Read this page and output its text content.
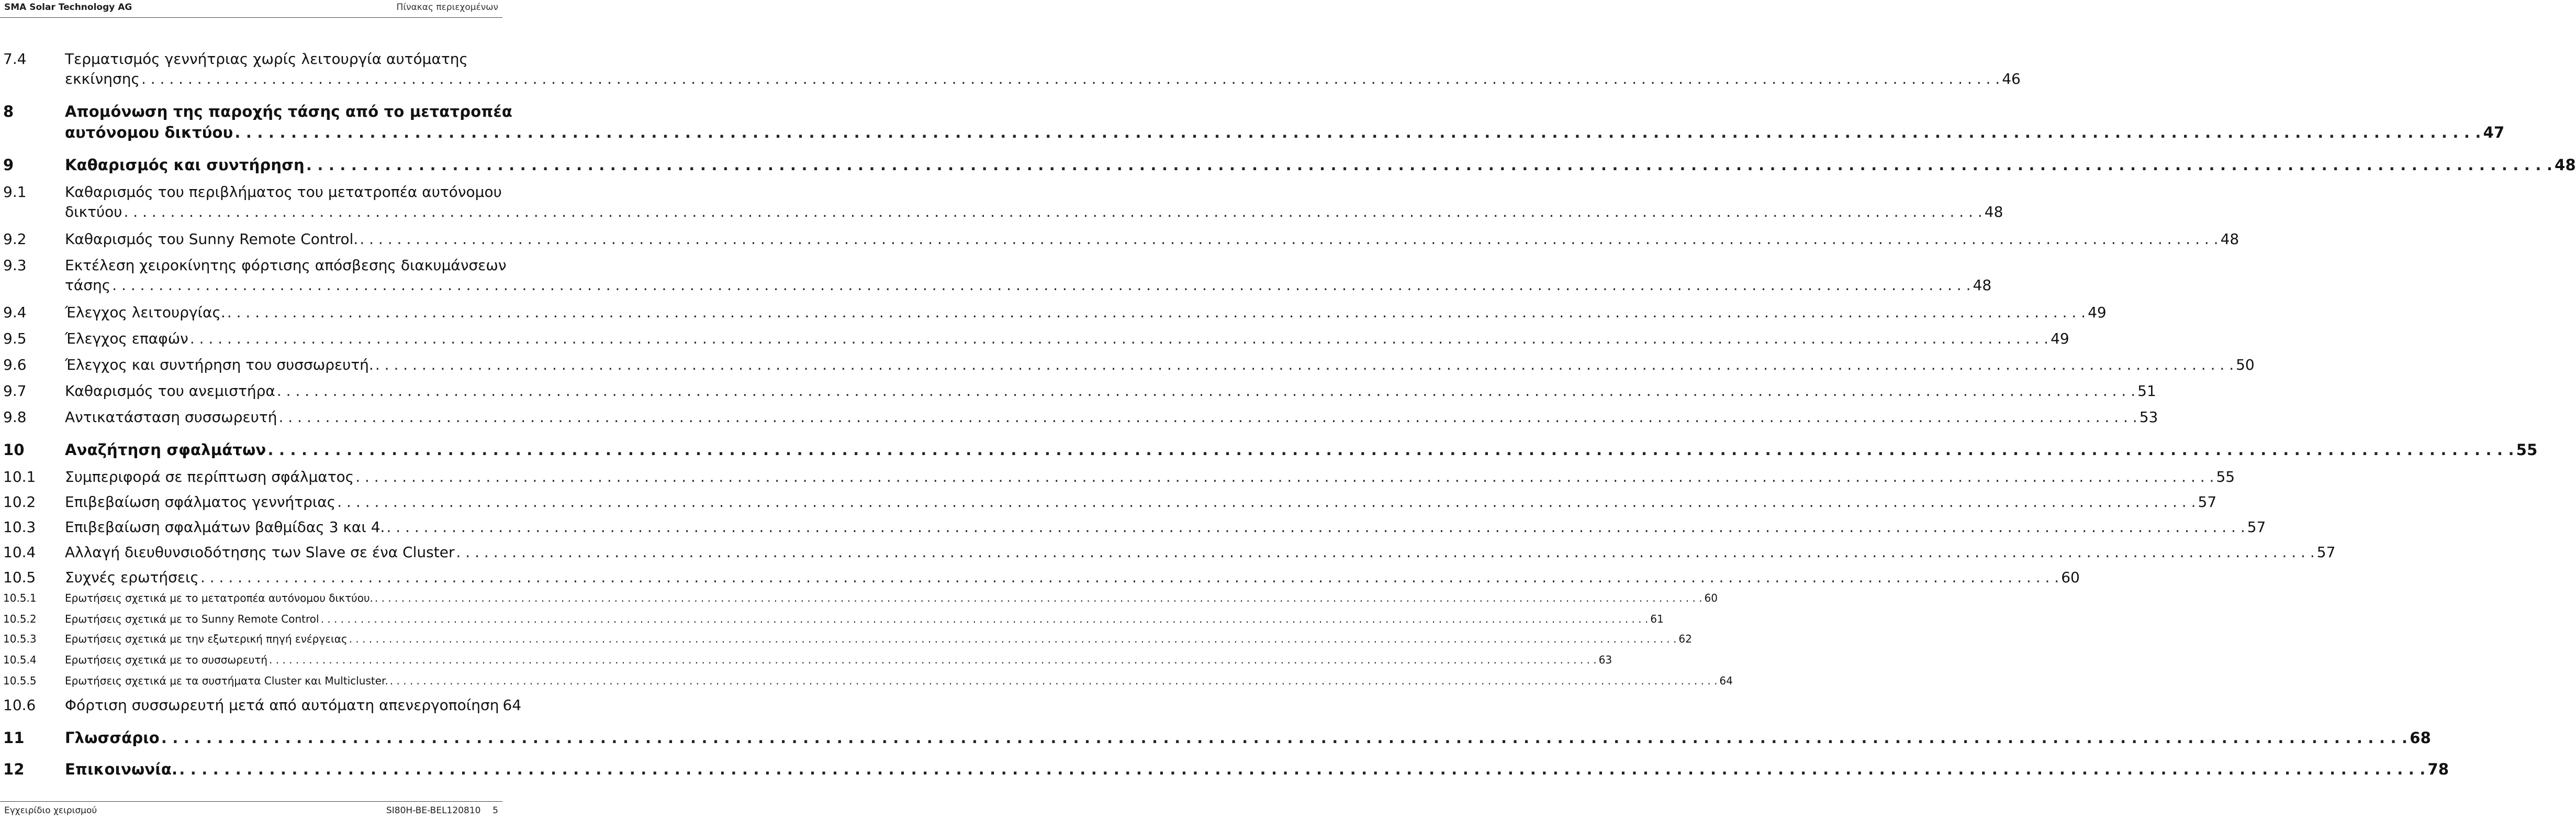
SMA Solar Technology AG	Πίνακας περιεχομένων
7.4	Τερματισμός γεννήτριας χωρίς λειτουργία αυτόματης
εκκίνησης . . . . . . . . . . . . . . . . . . . . . . . . . . . . . . . . . . . . . . . . . . . . . . . . . . . . . . . . . . . . . . . . . . . . . . . . . . . . . . . . . . . . . . . . . . . . . . . . . . . . . . . . . . . . . . . . . . . . . . . . . . . . . . . . . . . . . . . . . . . . . . . . . . . . . . . . . . . . . . . . . . . . . . . . . . . . . . . . . . . . . . . . . . . . . . . . . . . . . . . . 46
8	Απομόνωση της παροχής τάσης από το μετατροπέα
αυτόνομου δικτύου . . . . . . . . . . . . . . . . . . . . . . . . . . . . . . . . . . . . . . . . . . . . . . . . . . . . . . . . . . . . . . . . . . . . . . . . . . . . . . . . . . . . . . . . . . . . . . . . . . . . . . . . . . . . . . . . . . . . . . . . . . . . . . . . . . . . . . . . . . . . . . . . . . . . . . . . . . . . . . . . . . . . . . . . . . . . . . . . . . . . . . . . . . . . . . . . . . . . . . . . 47
9	Καθαρισμός και συντήρηση . . . . . . . . . . . . . . . . . . . . . . . . . . . . . . . . . . . . . . . . . . . . . . . . . . . . . . . . . . . . . . . . . . . . . . . . . . . . . . . . . . . . . . . . . . . . . . . . . . . . . . . . . . . . . . . . . . . . . . . . . . . . . . . . . . . . . . . . . . . . . . . . . . . . . . . . . . . . . . . . . . . . . . . . . . . . . . . . . . . . . . . . . . . . . . . . . . . . . . . . 48
9.1	Καθαρισμός του περιβλήματος του μετατροπέα αυτόνομου
δικτύου . . . . . . . . . . . . . . . . . . . . . . . . . . . . . . . . . . . . . . . . . . . . . . . . . . . . . . . . . . . . . . . . . . . . . . . . . . . . . . . . . . . . . . . . . . . . . . . . . . . . . . . . . . . . . . . . . . . . . . . . . . . . . . . . . . . . . . . . . . . . . . . . . . . . . . . . . . . . . . . . . . . . . . . . . . . . . . . . . . . . . . . . . . . . . . . . . . . . . . . . 48
9.2	Καθαρισμός του Sunny Remote Control. . . . . . . . . . . . . . . . . . . . . . . . . . . . . . . . . . . . . . . . . . . . . . . . . . . . . . . . . . . . . . . . . . . . . . . . . . . . . . . . . . . . . . . . . . . . . . . . . . . . . . . . . . . . . . . . . . . . . . . . . . . . . . . . . . . . . . . . . . . . . . . . . . . . . . . . . . . . . . . . . . . . . . . . . . . . . . . . . . . . . . . . . . . . . . . . . . . . . . . . . 48
9.3	Εκτέλεση χειροκίνητης φόρτισης απόσβεσης διακυμάνσεων
τάσης . . . . . . . . . . . . . . . . . . . . . . . . . . . . . . . . . . . . . . . . . . . . . . . . . . . . . . . . . . . . . . . . . . . . . . . . . . . . . . . . . . . . . . . . . . . . . . . . . . . . . . . . . . . . . . . . . . . . . . . . . . . . . . . . . . . . . . . . . . . . . . . . . . . . . . . . . . . . . . . . . . . . . . . . . . . . . . . . . . . . . . . . . . . . . . . . . . . . . . . . 48
9.4	Έλεγχος λειτουργίας. . . . . . . . . . . . . . . . . . . . . . . . . . . . . . . . . . . . . . . . . . . . . . . . . . . . . . . . . . . . . . . . . . . . . . . . . . . . . . . . . . . . . . . . . . . . . . . . . . . . . . . . . . . . . . . . . . . . . . . . . . . . . . . . . . . . . . . . . . . . . . . . . . . . . . . . . . . . . . . . . . . . . . . . . . . . . . . . . . . . . . . . . . . . . . . . . . . . . . . . . 49
9.5	Έλεγχος επαφών . . . . . . . . . . . . . . . . . . . . . . . . . . . . . . . . . . . . . . . . . . . . . . . . . . . . . . . . . . . . . . . . . . . . . . . . . . . . . . . . . . . . . . . . . . . . . . . . . . . . . . . . . . . . . . . . . . . . . . . . . . . . . . . . . . . . . . . . . . . . . . . . . . . . . . . . . . . . . . . . . . . . . . . . . . . . . . . . . . . . . . . . . . . . . . . . . . . . . . . . 49
9.6	Έλεγχος και συντήρηση του συσσωρευτή. . . . . . . . . . . . . . . . . . . . . . . . . . . . . . . . . . . . . . . . . . . . . . . . . . . . . . . . . . . . . . . . . . . . . . . . . . . . . . . . . . . . . . . . . . . . . . . . . . . . . . . . . . . . . . . . . . . . . . . . . . . . . . . . . . . . . . . . . . . . . . . . . . . . . . . . . . . . . . . . . . . . . . . . . . . . . . . . . . . . . . . . . . . . . . . . . . . . . . . . . 50
9.7	Καθαρισμός του ανεμιστήρα . . . . . . . . . . . . . . . . . . . . . . . . . . . . . . . . . . . . . . . . . . . . . . . . . . . . . . . . . . . . . . . . . . . . . . . . . . . . . . . . . . . . . . . . . . . . . . . . . . . . . . . . . . . . . . . . . . . . . . . . . . . . . . . . . . . . . . . . . . . . . . . . . . . . . . . . . . . . . . . . . . . . . . . . . . . . . . . . . . . . . . . . . . . . . . . . . . . . . . . . 51
9.8	Αντικατάσταση συσσωρευτή . . . . . . . . . . . . . . . . . . . . . . . . . . . . . . . . . . . . . . . . . . . . . . . . . . . . . . . . . . . . . . . . . . . . . . . . . . . . . . . . . . . . . . . . . . . . . . . . . . . . . . . . . . . . . . . . . . . . . . . . . . . . . . . . . . . . . . . . . . . . . . . . . . . . . . . . . . . . . . . . . . . . . . . . . . . . . . . . . . . . . . . . . . . . . . . . . . . . . . . . 53
10	Αναζήτηση σφαλμάτων . . . . . . . . . . . . . . . . . . . . . . . . . . . . . . . . . . . . . . . . . . . . . . . . . . . . . . . . . . . . . . . . . . . . . . . . . . . . . . . . . . . . . . . . . . . . . . . . . . . . . . . . . . . . . . . . . . . . . . . . . . . . . . . . . . . . . . . . . . . . . . . . . . . . . . . . . . . . . . . . . . . . . . . . . . . . . . . . . . . . . . . . . . . . . . . . . . . . . . . . 55
10.1 Συμπεριφορά σε περίπτωση σφάλματος . . . . . . . . . . . . . . . . . . . . . . . . . . . . . . . . . . . . . . . . . . . . . . . . . . . . . . . . . . . . . . . . . . . . . . . . . . . . . . . . . . . . . . . . . . . . . . . . . . . . . . . . . . . . . . . . . . . . . . . . . . . . . . . . . . . . . . . . . . . . . . . . . . . . . . . . . . . . . . . . . . . . . . . . . . . . . . . . . . . . . . . . . . . . . . . . . . . . . . . . 55
10.2 Επιβεβαίωση σφάλματος γεννήτριας . . . . . . . . . . . . . . . . . . . . . . . . . . . . . . . . . . . . . . . . . . . . . . . . . . . . . . . . . . . . . . . . . . . . . . . . . . . . . . . . . . . . . . . . . . . . . . . . . . . . . . . . . . . . . . . . . . . . . . . . . . . . . . . . . . . . . . . . . . . . . . . . . . . . . . . . . . . . . . . . . . . . . . . . . . . . . . . . . . . . . . . . . . . . . . . . . . . . . . . . 57
10.3 Επιβεβαίωση σφαλμάτων βαθμίδας 3 και 4. . . . . . . . . . . . . . . . . . . . . . . . . . . . . . . . . . . . . . . . . . . . . . . . . . . . . . . . . . . . . . . . . . . . . . . . . . . . . . . . . . . . . . . . . . . . . . . . . . . . . . . . . . . . . . . . . . . . . . . . . . . . . . . . . . . . . . . . . . . . . . . . . . . . . . . . . . . . . . . . . . . . . . . . . . . . . . . . . . . . . . . . . . . . . . . . . . . . . . . . . 57
10.4 Αλλαγή διευθυνσιοδότησης των Slave σε ένα Cluster . . . . . . . . . . . . . . . . . . . . . . . . . . . . . . . . . . . . . . . . . . . . . . . . . . . . . . . . . . . . . . . . . . . . . . . . . . . . . . . . . . . . . . . . . . . . . . . . . . . . . . . . . . . . . . . . . . . . . . . . . . . . . . . . . . . . . . . . . . . . . . . . . . . . . . . . . . . . . . . . . . . . . . . . . . . . . . . . . . . . . . . . . . . . . . . . . . . . . . . . 57
10.5 Συχνές ερωτήσεις . . . . . . . . . . . . . . . . . . . . . . . . . . . . . . . . . . . . . . . . . . . . . . . . . . . . . . . . . . . . . . . . . . . . . . . . . . . . . . . . . . . . . . . . . . . . . . . . . . . . . . . . . . . . . . . . . . . . . . . . . . . . . . . . . . . . . . . . . . . . . . . . . . . . . . . . . . . . . . . . . . . . . . . . . . . . . . . . . . . . . . . . . . . . . . . . . . . . . . . . 60
10.5.1	Ερωτήσεις σχετικά με το μετατροπέα αυτόνομου δικτύου. . . . . . . . . . . . . . . . . . . . . . . . . . . . . . . . . . . . . . . . . . . . . . . . . . . . . . . . . . . . . . . . . . . . . . . . . . . . . . . . . . . . . . . . . . . . . . . . . . . . . . . . . . . . . . . . . . . . . . . . . . . . . . . . . . . . . . . . . . . . . . . . . . . . . . . . . . . . . . . . . . . . . . . . . . . . . . . . . . . . . . . . . . . . . . . . . . . . . . . . . 60
10.5.2	Ερωτήσεις σχετικά με το Sunny Remote Control . . . . . . . . . . . . . . . . . . . . . . . . . . . . . . . . . . . . . . . . . . . . . . . . . . . . . . . . . . . . . . . . . . . . . . . . . . . . . . . . . . . . . . . . . . . . . . . . . . . . . . . . . . . . . . . . . . . . . . . . . . . . . . . . . . . . . . . . . . . . . . . . . . . . . . . . . . . . . . . . . . . . . . . . . . . . . . . . . . . . . . . . . . . . . . . . . . . . . . . . 61
10.5.3	Ερωτήσεις σχετικά με την εξωτερική πηγή ενέργειας . . . . . . . . . . . . . . . . . . . . . . . . . . . . . . . . . . . . . . . . . . . . . . . . . . . . . . . . . . . . . . . . . . . . . . . . . . . . . . . . . . . . . . . . . . . . . . . . . . . . . . . . . . . . . . . . . . . . . . . . . . . . . . . . . . . . . . . . . . . . . . . . . . . . . . . . . . . . . . . . . . . . . . . . . . . . . . . . . . . . . . . . . . . . . . . . . . . . . . . . 62
10.5.4	Ερωτήσεις σχετικά με το συσσωρευτή . . . . . . . . . . . . . . . . . . . . . . . . . . . . . . . . . . . . . . . . . . . . . . . . . . . . . . . . . . . . . . . . . . . . . . . . . . . . . . . . . . . . . . . . . . . . . . . . . . . . . . . . . . . . . . . . . . . . . . . . . . . . . . . . . . . . . . . . . . . . . . . . . . . . . . . . . . . . . . . . . . . . . . . . . . . . . . . . . . . . . . . . . . . . . . . . . . . . . . . . 63
10.5.5	Ερωτήσεις σχετικά με τα συστήματα Cluster και Multicluster. . . . . . . . . . . . . . . . . . . . . . . . . . . . . . . . . . . . . . . . . . . . . . . . . . . . . . . . . . . . . . . . . . . . . . . . . . . . . . . . . . . . . . . . . . . . . . . . . . . . . . . . . . . . . . . . . . . . . . . . . . . . . . . . . . . . . . . . . . . . . . . . . . . . . . . . . . . . . . . . . . . . . . . . . . . . . . . . . . . . . . . . . . . . . . . . . . . . . . . . . 64
10.6 Φόρτιση συσσωρευτή μετά από αυτόματη απενεργοποίηση 64
11	Γλωσσάριο . . . . . . . . . . . . . . . . . . . . . . . . . . . . . . . . . . . . . . . . . . . . . . . . . . . . . . . . . . . . . . . . . . . . . . . . . . . . . . . . . . . . . . . . . . . . . . . . . . . . . . . . . . . . . . . . . . . . . . . . . . . . . . . . . . . . . . . . . . . . . . . . . . . . . . . . . . . . . . . . . . . . . . . . . . . . . . . . . . . . . . . . . . . . . . . . . . . . . . . . 68
12	Επικοινωνία. . . . . . . . . . . . . . . . . . . . . . . . . . . . . . . . . . . . . . . . . . . . . . . . . . . . . . . . . . . . . . . . . . . . . . . . . . . . . . . . . . . . . . . . . . . . . . . . . . . . . . . . . . . . . . . . . . . . . . . . . . . . . . . . . . . . . . . . . . . . . . . . . . . . . . . . . . . . . . . . . . . . . . . . . . . . . . . . . . . . . . . . . . . . . . . . . . . . . . . . . 78
Εγχειρίδιο χειρισμού	SI80H-BE-BEL120810 5
